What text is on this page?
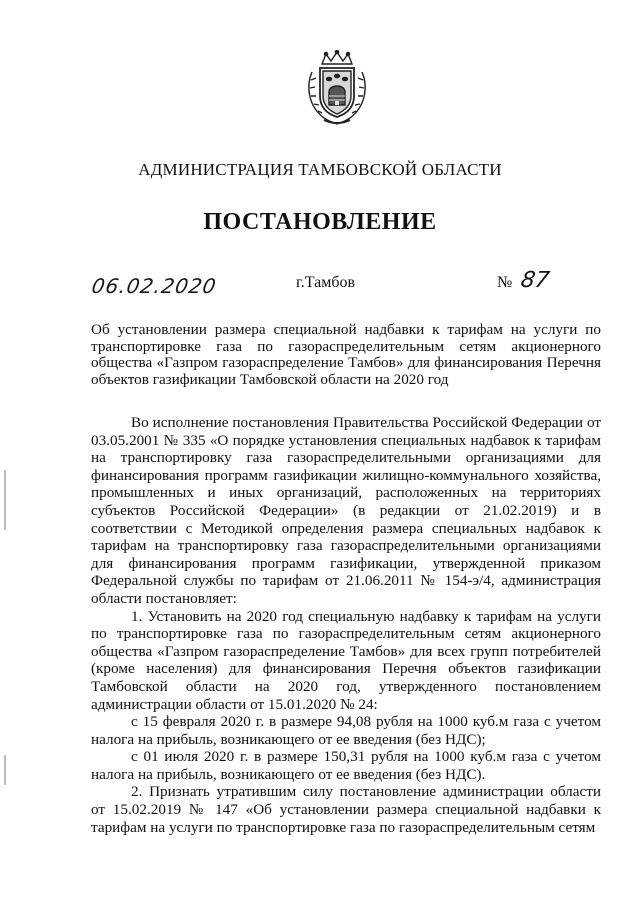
АДМИНИСТРАЦИЯ ТАМБОВСКОЙ ОБЛАСТИ
ПОСТАНОВЛЕНИЕ
06.02.2020	г.Тамбов	№ 87
Об установлении размера специальной надбавки к тарифам на услуги по транспортировке газа по газораспределительным сетям акционерного общества «Газпром газораспределение Тамбов» для финансирования Перечня объектов газификации Тамбовской области на 2020 год

Во исполнение постановления Правительства Российской Федерации от 03.05.2001 № 335 «О порядке установления специальных надбавок к тарифам на транспортировку газа газораспределительными организациями для финансирования программ газификации жилищно-коммунального хозяйства, промышленных и иных организаций, расположенных на территориях субъектов Российской Федерации» (в редакции от 21.02.2019) и в соответствии с Методикой определения размера специальных надбавок к тарифам на транспортировку газа газораспределительными организациями для финансирования программ газификации, утвержденной приказом Федеральной службы по тарифам от 21.06.2011 № 154-э/4, администрация области постановляет:

1. Установить на 2020 год специальную надбавку к тарифам на услуги по транспортировке газа по газораспределительным сетям акционерного общества «Газпром газораспределение Тамбов» для всех групп потребителей (кроме населения) для финансирования Перечня объектов газификации Тамбовской области на 2020 год, утвержденного постановлением администрации области от 15.01.2020 № 24:

с 15 февраля 2020 г. в размере 94,08 рубля на 1000 куб.м газа с учетом налога на прибыль, возникающего от ее введения (без НДС);

с 01 июля 2020 г. в размере 150,31 рубля на 1000 куб.м газа с учетом налога на прибыль, возникающего от ее введения (без НДС).

2. Признать утратившим силу постановление администрации области от 15.02.2019 № 147 «Об установлении размера специальной надбавки к тарифам на услуги по транспортировке газа по газораспределительным сетям
